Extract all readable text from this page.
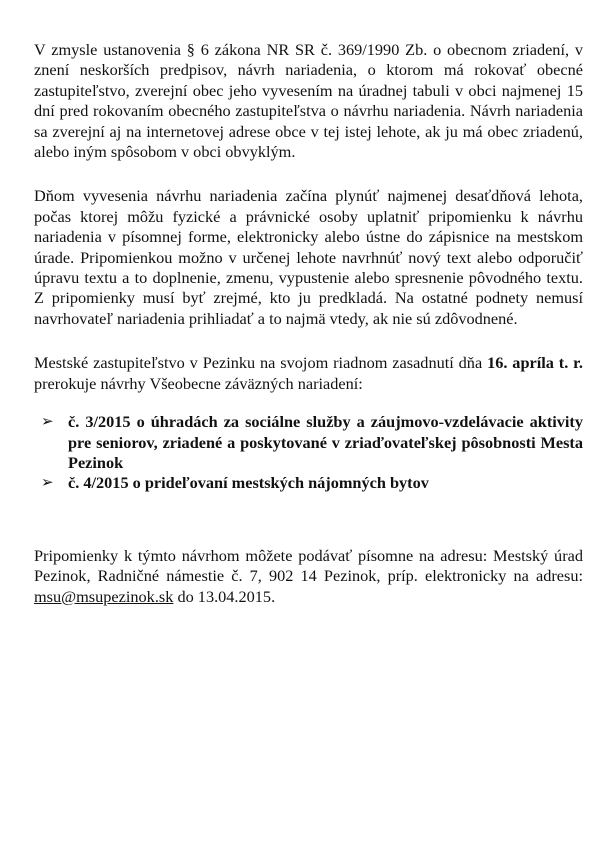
V zmysle ustanovenia § 6 zákona NR SR č. 369/1990 Zb. o obecnom zriadení, v znení neskorších predpisov, návrh nariadenia, o ktorom má rokovať obecné zastupiteľstvo, zverejní obec jeho vyvesením na úradnej tabuli v obci najmenej 15 dní pred rokovaním obecného zastupiteľstva o návrhu nariadenia. Návrh nariadenia sa zverejní aj na internetovej adrese obce v tej istej lehote, ak ju má obec zriadenú, alebo iným spôsobom v obci obvyklým.

Dňom vyvesenia návrhu nariadenia začína plynúť najmenej desaťdňová lehota, počas ktorej môžu fyzické a právnické osoby uplatniť pripomienku k návrhu nariadenia v písomnej forme, elektronicky alebo ústne do zápisnice na mestskom úrade. Pripomienkou možno v určenej lehote navrhnúť nový text alebo odporučiť úpravu textu a to doplnenie, zmenu, vypustenie alebo spresnenie pôvodného textu. Z pripomienky musí byť zrejmé, kto ju predkladá. Na ostatné podnety nemusí navrhovateľ nariadenia prihliadať a to najmä vtedy, ak nie sú zdôvodnené.

Mestské zastupiteľstvo v Pezinku na svojom riadnom zasadnutí dňa 16. apríla t. r. prerokuje návrhy Všeobecne záväzných nariadení:

➢ č. 3/2015 o úhradách za sociálne služby a záujmovo-vzdelávacie aktivity pre seniorov, zriadené a poskytované v zriaďovateľskej pôsobnosti Mesta Pezinok
➢ č. 4/2015 o prideľovaní mestských nájomných bytov

Pripomienky k týmto návrhom môžete podávať písomne na adresu: Mestský úrad Pezinok, Radničné námestie č. 7, 902 14 Pezinok, príp. elektronicky na adresu: msu@msupezinok.sk do 13.04.2015.
